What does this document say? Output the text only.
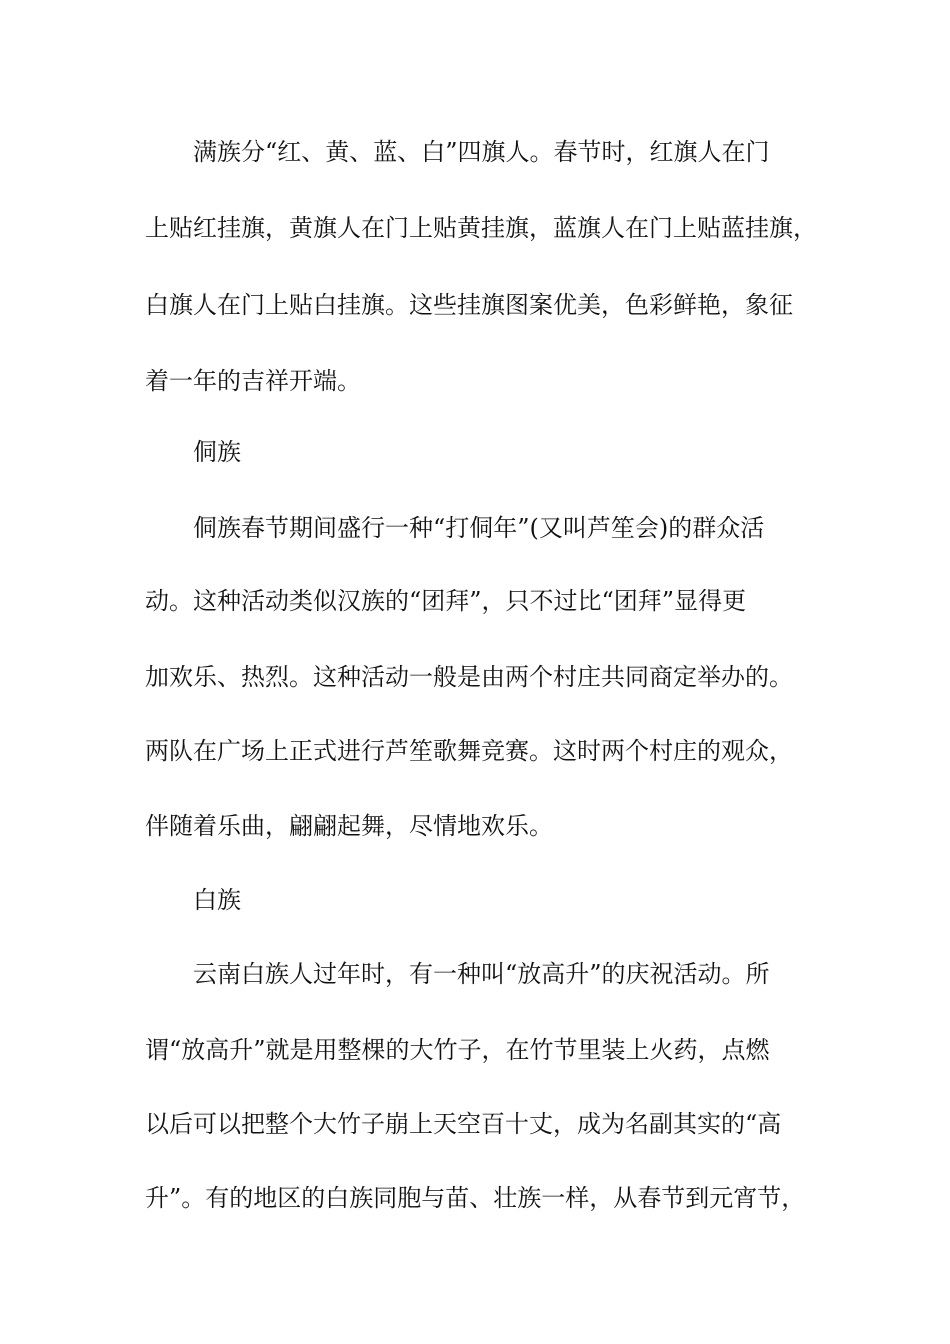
满族分“红、黄、蓝、白”四旗人。春节时，红旗人在门

上贴红挂旗，黄旗人在门上贴黄挂旗，蓝旗人在门上贴蓝挂旗，

白旗人在门上贴白挂旗。这些挂旗图案优美，色彩鲜艳，象征

着一年的吉祥开端。

侗族

侗族春节期间盛行一种“打侗年”(又叫芦笙会)的群众活

动。这种活动类似汉族的“团拜”，只不过比“团拜”显得更

加欢乐、热烈。这种活动一般是由两个村庄共同商定举办的。

两队在广场上正式进行芦笙歌舞竞赛。这时两个村庄的观众，

伴随着乐曲，翩翩起舞，尽情地欢乐。

白族

云南白族人过年时，有一种叫“放高升”的庆祝活动。所

谓“放高升”就是用整棵的大竹子，在竹节里装上火药，点燃

以后可以把整个大竹子崩上天空百十丈，成为名副其实的“高

升”。有的地区的白族同胞与苗、壮族一样，从春节到元宵节，
